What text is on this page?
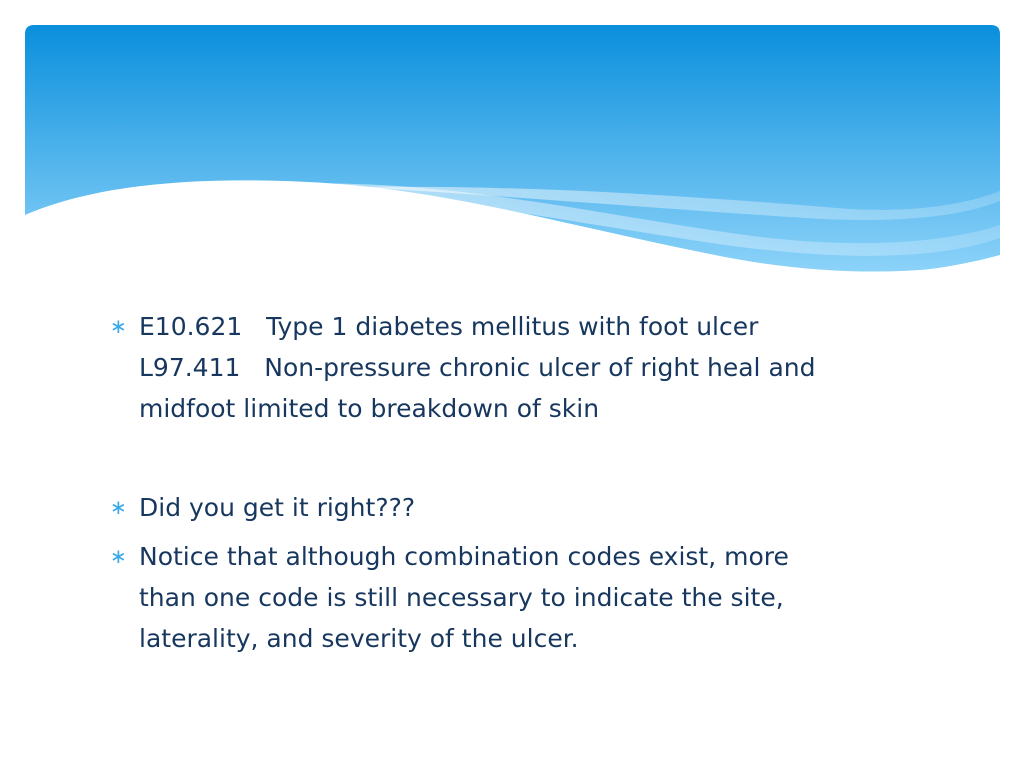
∗ E10.621   Type 1 diabetes mellitus with foot ulcer
L97.411   Non-pressure chronic ulcer of right heal and
midfoot limited to breakdown of skin
∗ Did you get it right???
∗ Notice that although combination codes exist, more
than one code is still necessary to indicate the site,
laterality, and severity of the ulcer.
